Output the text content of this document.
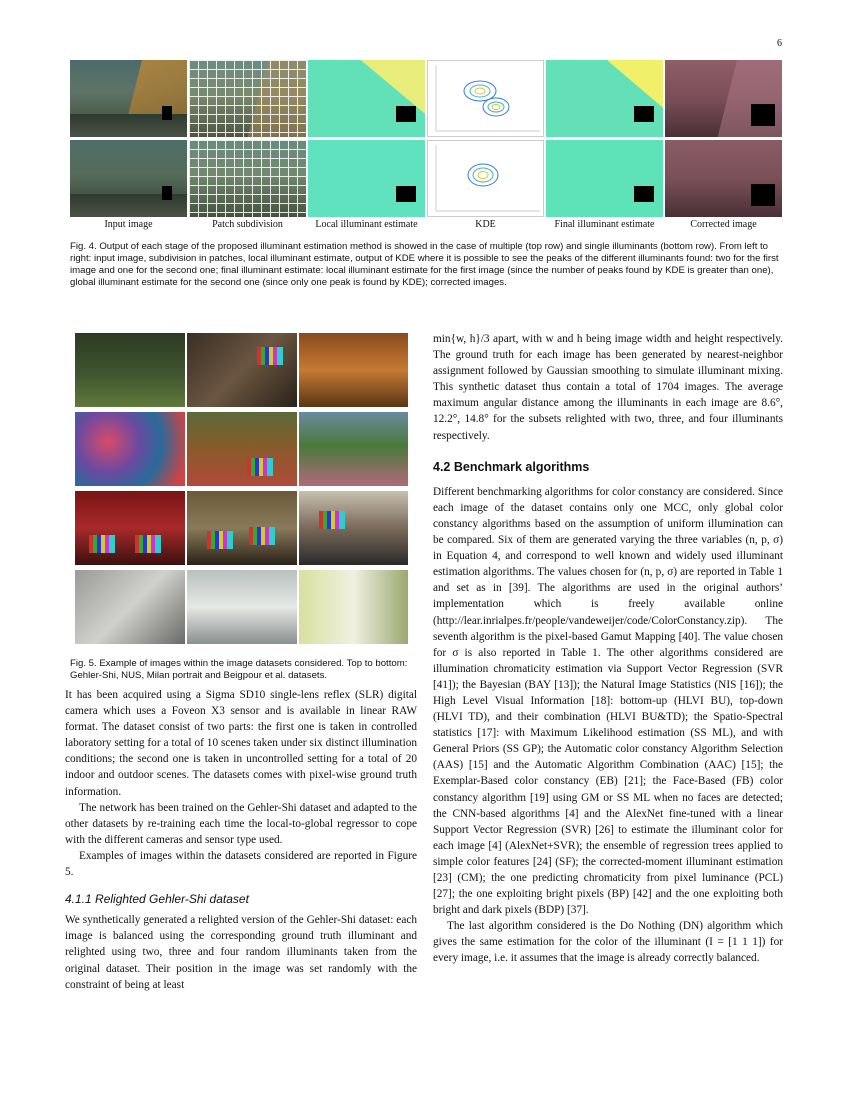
6
Input image	Patch subdivision	Local illuminant estimate	KDE	Final illuminant estimate	Corrected image
Fig. 4. Output of each stage of the proposed illuminant estimation method is showed in the case of multiple (top row) and single illuminants (bottom row). From left to right: input image, subdivision in patches, local illuminant estimate, output of KDE where it is possible to see the peaks of the different illuminants found: two for the first image and one for the second one; final illuminant estimate: local illuminant estimate for the first image (since the number of peaks found by KDE is greater than one), global illuminant estimate for the second one (since only one peak is found by KDE); corrected images.
Fig. 5. Example of images within the image datasets considered. Top to bottom: Gehler-Shi, NUS, Milan portrait and Beigpour et al. datasets.

It has been acquired using a Sigma SD10 single-lens reflex (SLR) digital camera which uses a Foveon X3 sensor and is available in linear RAW format. The dataset consist of two parts: the first one is taken in controlled laboratory setting for a total of 10 scenes taken under six distinct illumination conditions; the second one is taken in uncontrolled setting for a total of 20 indoor and outdoor scenes. The datasets comes with pixel-wise ground truth information.

The network has been trained on the Gehler-Shi dataset and adapted to the other datasets by re-training each time the local-to-global regressor to cope with the different cameras and sensor type used.

Examples of images within the datasets considered are reported in Figure 5.

4.1.1 Relighted Gehler-Shi dataset

We synthetically generated a relighted version of the Gehler-Shi dataset: each image is balanced using the corresponding ground truth illuminant and relighted using two, three and four random illuminants taken from the original dataset. Their position in the image was set randomly with the constraint of being at least

min{w, h}/3 apart, with w and h being image width and height respectively. The ground truth for each image has been generated by nearest-neighbor assignment followed by Gaussian smoothing to simulate illuminant mixing. This synthetic dataset thus contain a total of 1704 images. The average maximum angular distance among the illuminants in each image are 8.6°, 12.2°, 14.8° for the subsets relighted with two, three, and four illuminants respectively.

4.2 Benchmark algorithms

Different benchmarking algorithms for color constancy are considered. Since each image of the dataset contains only one MCC, only global color constancy algorithms based on the assumption of uniform illumination can be compared. Six of them are generated varying the three variables (n, p, σ) in Equation 4, and correspond to well known and widely used illuminant estimation algorithms. The values chosen for (n, p, σ) are reported in Table 1 and set as in [39]. The algorithms are used in the original authors’ implementation which is freely available online (http://lear.inrialpes.fr/people/vandeweijer/code/ColorConstancy.zip). The seventh algorithm is the pixel-based Gamut Mapping [40]. The value chosen for σ is also reported in Table 1. The other algorithms considered are illumination chromaticity estimation via Support Vector Regression (SVR [41]); the Bayesian (BAY [13]); the Natural Image Statistics (NIS [16]); the High Level Visual Information [18]: bottom-up (HLVI BU), top-down (HLVI TD), and their combination (HLVI BU&TD); the Spatio-Spectral statistics [17]: with Maximum Likelihood estimation (SS ML), and with General Priors (SS GP); the Automatic color constancy Algorithm Selection (AAS) [15] and the Automatic Algorithm Combination (AAC) [15]; the Exemplar-Based color constancy (EB) [21]; the Face-Based (FB) color constancy algorithm [19] using GM or SS ML when no faces are detected; the CNN-based algorithms [4] and the AlexNet fine-tuned with a linear Support Vector Regression (SVR) [26] to estimate the illuminant color for each image [4] (AlexNet+SVR); the ensemble of regression trees applied to simple color features [24] (SF); the corrected-moment illuminant estimation [23] (CM); the one predicting chromaticity from pixel luminance (PCL) [27]; the one exploiting bright pixels (BP) [42] and the one exploiting both bright and dark pixels (BDP) [37].

The last algorithm considered is the Do Nothing (DN) algorithm which gives the same estimation for the color of the illuminant (I = [1 1 1]) for every image, i.e. it assumes that the image is already correctly balanced.
